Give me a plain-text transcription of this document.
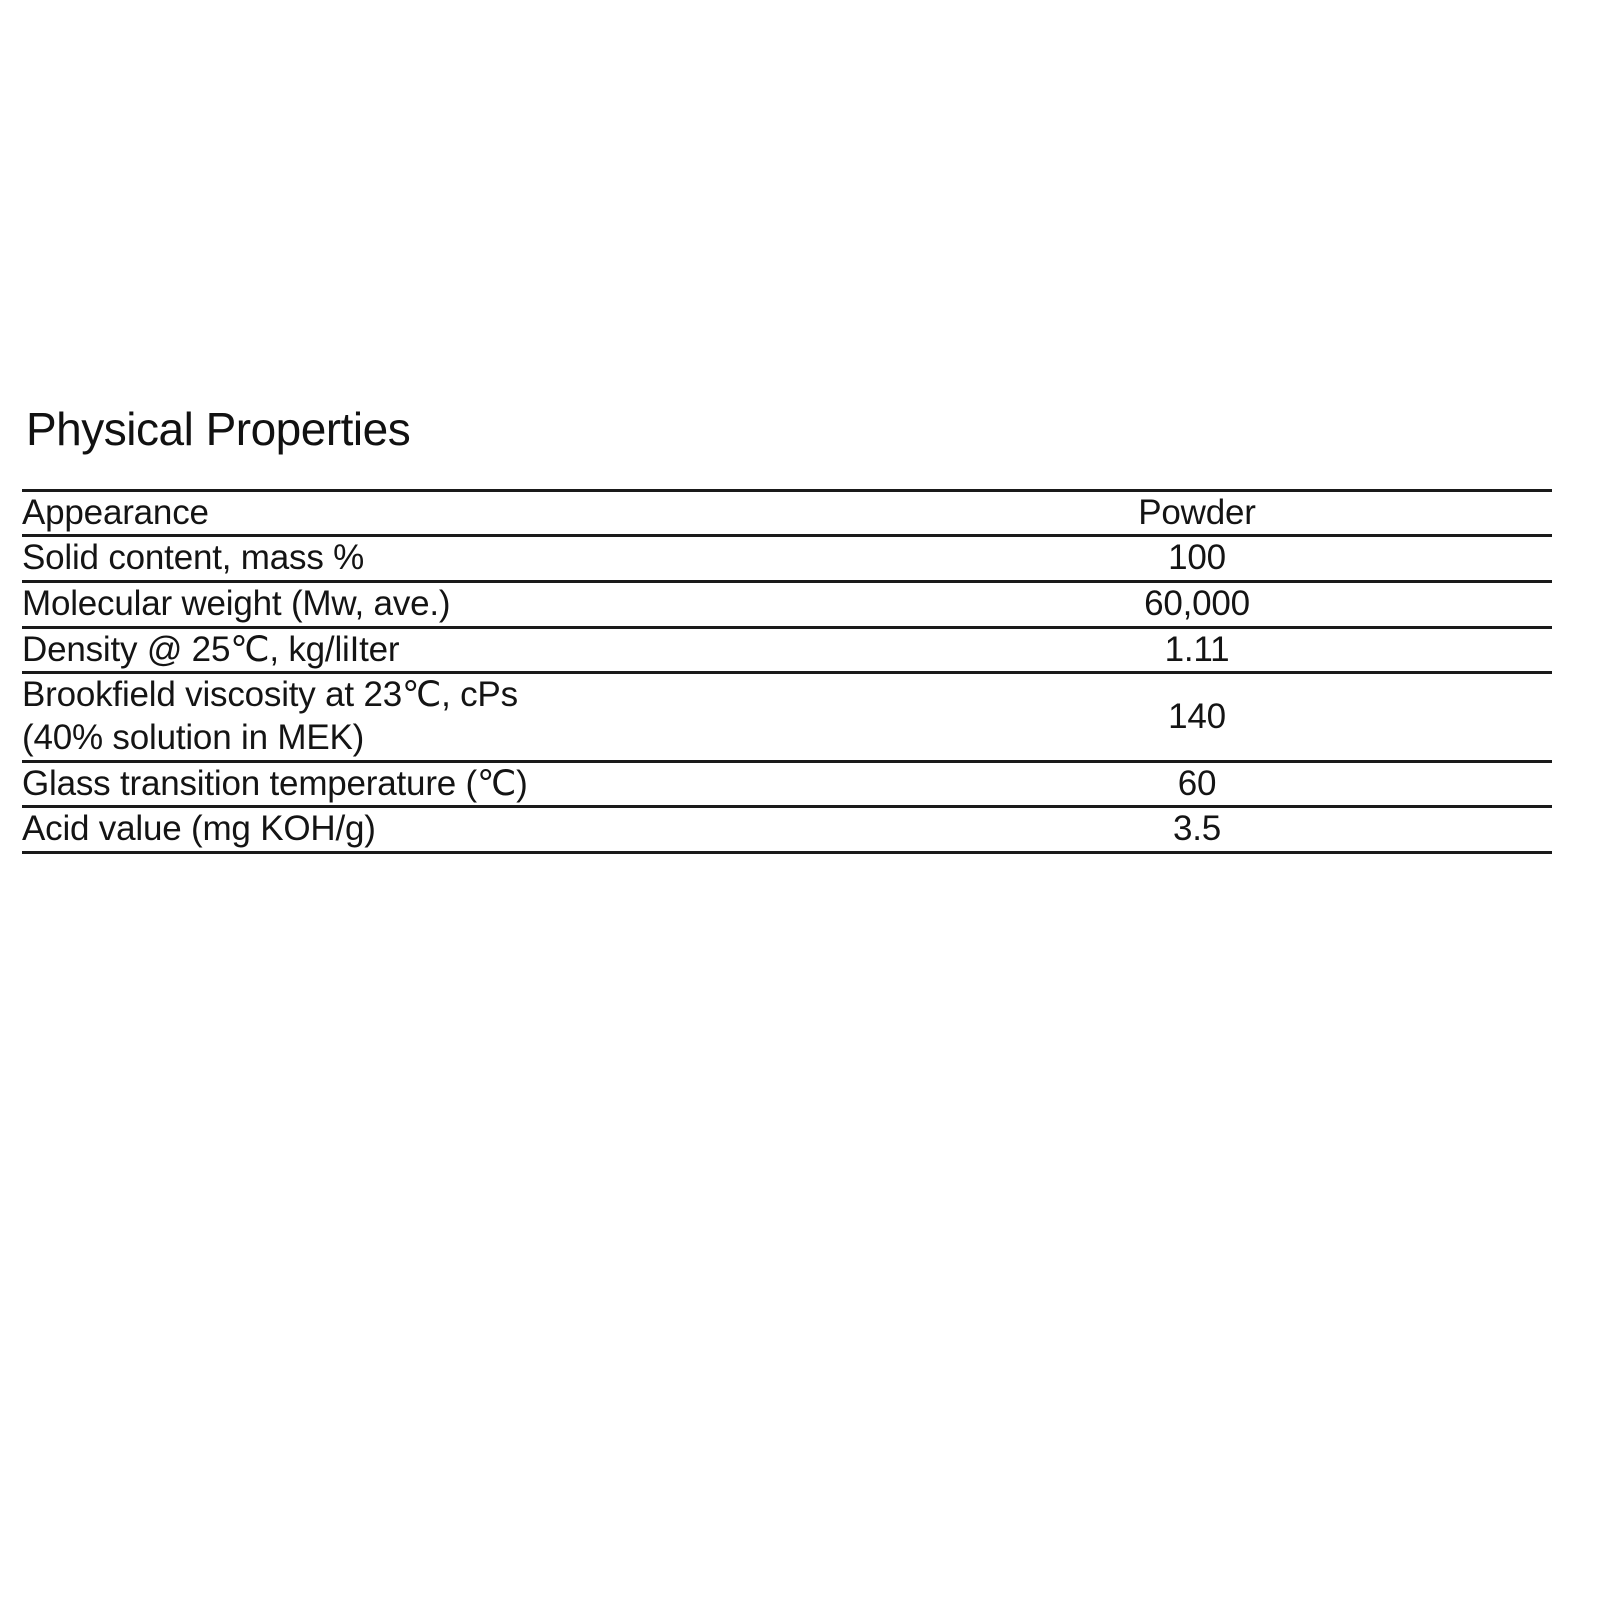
Physical Properties
Appearance	Powder
Solid content, mass %	100
Molecular weight (Mw, ave.)	60,000
Density @ 25℃, kg/liIter	1.11
Brookfield viscosity at 23℃, cPs
(40% solution in MEK)	140
Glass transition temperature (℃)	60
Acid value (mg KOH/g)	3.5
